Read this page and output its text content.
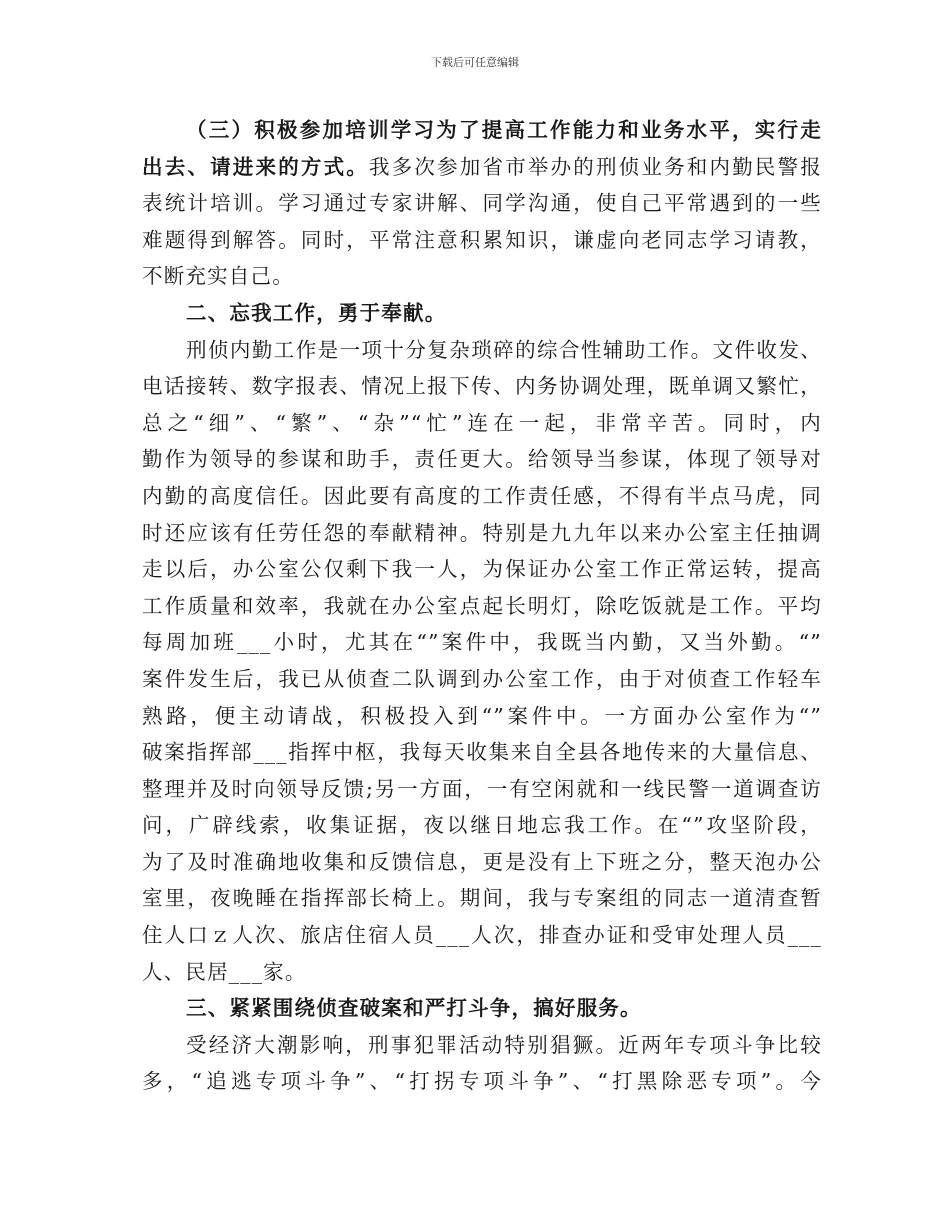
下载后可任意编辑
（三）积极参加培训学习为了提高工作能力和业务水平，实行走
出去、请进来的方式。我多次参加省市举办的刑侦业务和内勤民警报
表统计培训。学习通过专家讲解、同学沟通，使自己平常遇到的一些
难题得到解答。同时，平常注意积累知识，谦虚向老同志学习请教，
不断充实自己。
二、忘我工作，勇于奉献。
刑侦内勤工作是一项十分复杂琐碎的综合性辅助工作。文件收发、
电话接转、数字报表、情况上报下传、内务协调处理，既单调又繁忙，
总之“细”、“繁”、“杂”“忙”连在一起，非常辛苦。同时，内
勤作为领导的参谋和助手，责任更大。给领导当参谋，体现了领导对
内勤的高度信任。因此要有高度的工作责任感，不得有半点马虎，同
时还应该有任劳任怨的奉献精神。特别是九九年以来办公室主任抽调
走以后，办公室公仅剩下我一人，为保证办公室工作正常运转，提高
工作质量和效率，我就在办公室点起长明灯，除吃饭就是工作。平均
每周加班___小时，尤其在“”案件中，我既当内勤，又当外勤。“”
案件发生后，我已从侦查二队调到办公室工作，由于对侦查工作轻车
熟路，便主动请战，积极投入到“”案件中。一方面办公室作为“”
破案指挥部___指挥中枢，我每天收集来自全县各地传来的大量信息、
整理并及时向领导反馈;另一方面，一有空闲就和一线民警一道调查访
问，广辟线索，收集证据，夜以继日地忘我工作。在“”攻坚阶段，
为了及时准确地收集和反馈信息，更是没有上下班之分，整天泡办公
室里，夜晚睡在指挥部长椅上。期间，我与专案组的同志一道清查暂
住人口ｚ人次、旅店住宿人员___人次，排查办证和受审处理人员___
人、民居___家。
三、紧紧围绕侦查破案和严打斗争，搞好服务。
受经济大潮影响，刑事犯罪活动特别猖獗。近两年专项斗争比较
多，“追逃专项斗争”、“打拐专项斗争”、“打黑除恶专项”。今
